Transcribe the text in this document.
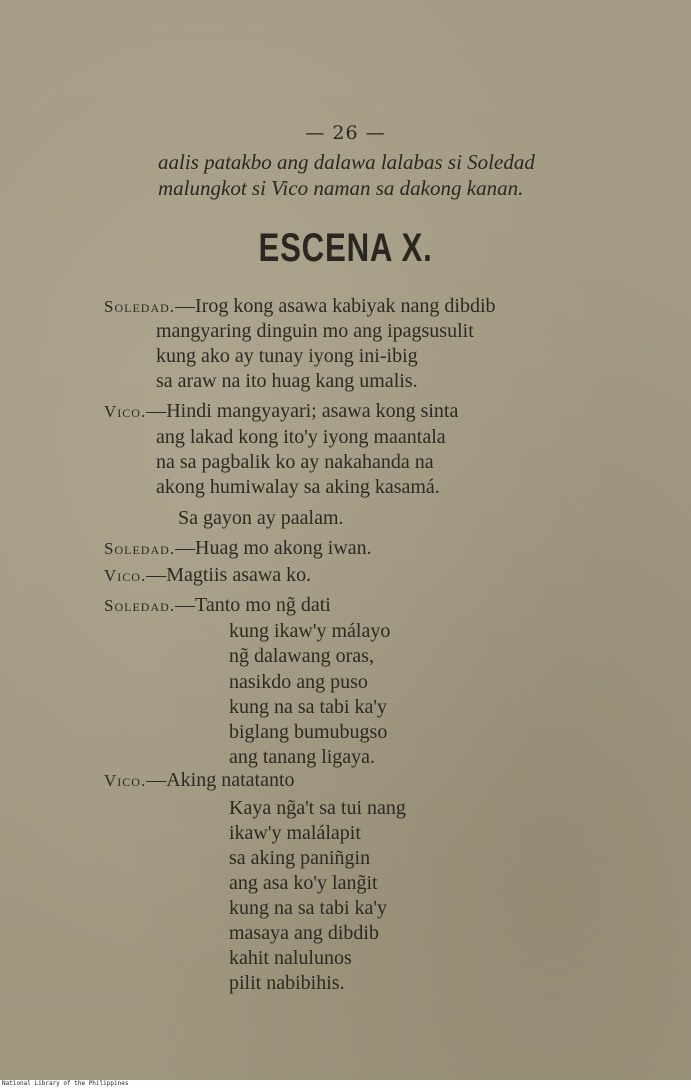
— 26 —
aalis patakbo ang dalawa lalabas si Soledad
malungkot si Vico naman sa dakong kanan.
ESCENA X.
Soledad.—Irog kong asawa kabiyak nang dibdib
mangyaring dinguin mo ang ipagsusulit
kung ako ay tunay iyong ini-ibig
sa araw na ito huag kang umalis.
Vico.—Hindi mangyayari; asawa kong sinta
ang lakad kong ito'y iyong maantala
na sa pagbalik ko ay nakahanda na
akong humiwalay sa aking kasamá.
Sa gayon ay paalam.
Soledad.—Huag mo akong iwan.
Vico.—Magtiis asawa ko.
Soledad.—Tanto mo ng̃ dati
kung ikaw'y málayo
ng̃ dalawang oras,
nasikdo ang puso
kung na sa tabi ka'y
biglang bumubugso
ang tanang ligaya.
Vico.—Aking natatanto
Kaya ng̃a't sa tui nang
ikaw'y malálapit
sa aking paniñgin
ang asa ko'y lang̃it
kung na sa tabi ka'y
masaya ang dibdib
kahit nalulunos
pilit nabibihis.
National Library of the Philippines
